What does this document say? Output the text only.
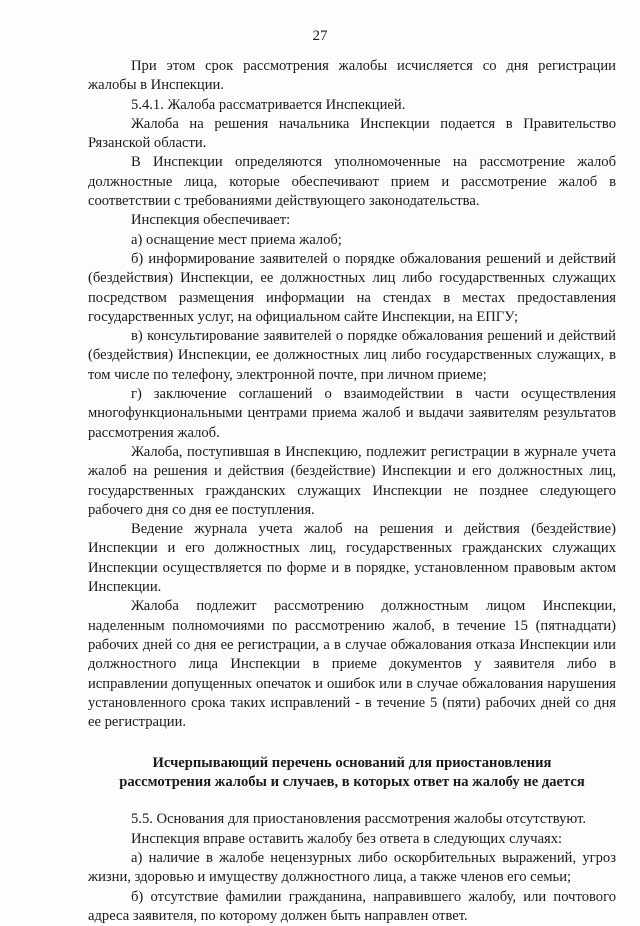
27

При этом срок рассмотрения жалобы исчисляется со дня регистрации жалобы в Инспекции.

5.4.1. Жалоба рассматривается Инспекцией.

Жалоба на решения начальника Инспекции подается в Правительство Рязанской области.

В Инспекции определяются уполномоченные на рассмотрение жалоб должностные лица, которые обеспечивают прием и рассмотрение жалоб в соответствии с требованиями действующего законодательства.

Инспекция обеспечивает:

а) оснащение мест приема жалоб;

б) информирование заявителей о порядке обжалования решений и действий (бездействия) Инспекции, ее должностных лиц либо государственных служащих посредством размещения информации на стендах в местах предоставления государственных услуг, на официальном сайте Инспекции, на ЕПГУ;

в) консультирование заявителей о порядке обжалования решений и действий (бездействия) Инспекции, ее должностных лиц либо государственных служащих, в том числе по телефону, электронной почте, при личном приеме;

г) заключение соглашений о взаимодействии в части осуществления многофункциональными центрами приема жалоб и выдачи заявителям результатов рассмотрения жалоб.

Жалоба, поступившая в Инспекцию, подлежит регистрации в журнале учета жалоб на решения и действия (бездействие) Инспекции и его должностных лиц, государственных гражданских служащих Инспекции не позднее следующего рабочего дня со дня ее поступления.

Ведение журнала учета жалоб на решения и действия (бездействие) Инспекции и его должностных лиц, государственных гражданских служащих Инспекции осуществляется по форме и в порядке, установленном правовым актом Инспекции.

Жалоба подлежит рассмотрению должностным лицом Инспекции, наделенным полномочиями по рассмотрению жалоб, в течение 15 (пятнадцати) рабочих дней со дня ее регистрации, а в случае обжалования отказа Инспекции или должностного лица Инспекции в приеме документов у заявителя либо в исправлении допущенных опечаток и ошибок или в случае обжалования нарушения установленного срока таких исправлений - в течение 5 (пяти) рабочих дней со дня ее регистрации.

Исчерпывающий перечень оснований для приостановления
рассмотрения жалобы и случаев, в которых ответ на жалобу не дается

5.5. Основания для приостановления рассмотрения жалобы отсутствуют.

Инспекция вправе оставить жалобу без ответа в следующих случаях:

а) наличие в жалобе нецензурных либо оскорбительных выражений, угроз жизни, здоровью и имуществу должностного лица, а также членов его семьи;

б) отсутствие фамилии гражданина, направившего жалобу, или почтового адреса заявителя, по которому должен быть направлен ответ.
